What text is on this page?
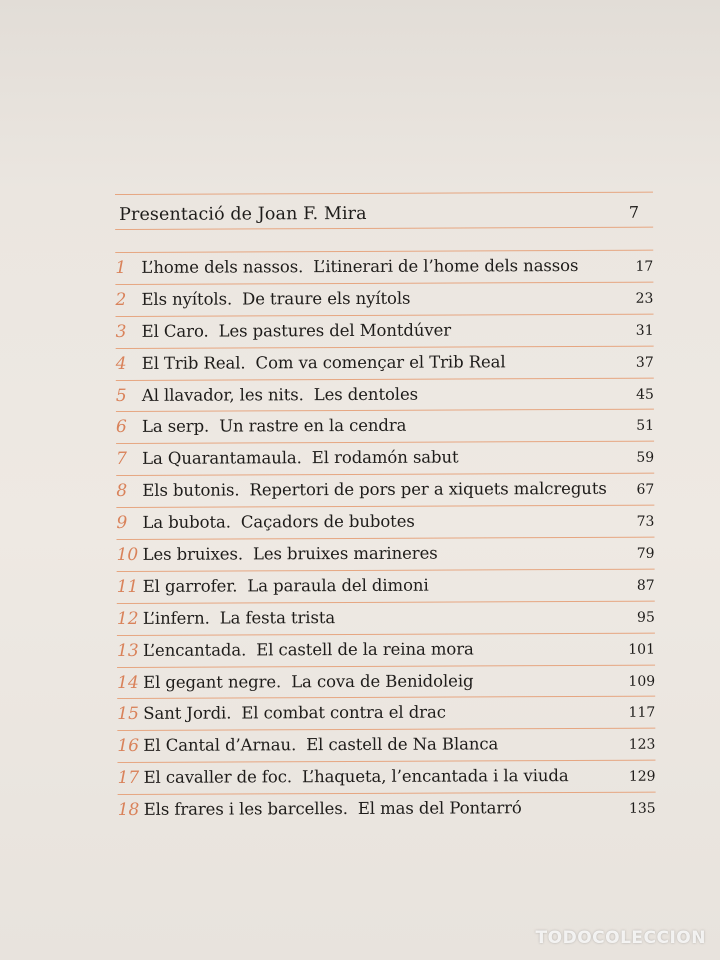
Presentació de Joan F. Mira	7
1 L’home dels nassos. L’itinerari de l’home dels nassos	17
2 Els nyítols. De traure els nyítols	23
3 El Caro. Les pastures del Montdúver	31
4 El Trib Real. Com va començar el Trib Real	37
5 Al llavador, les nits. Les dentoles	45
6 La serp. Un rastre en la cendra	51
7 La Quarantamaula. El rodamón sabut	59
8 Els butonis. Repertori de pors per a xiquets malcreguts 67
9 La bubota. Caçadors de bubotes	73
10 Les bruixes. Les bruixes marineres	79
11 El garrofer. La paraula del dimoni	87
12 L’infern. La festa trista	95
13 L’encantada. El castell de la reina mora	101
14 El gegant negre. La cova de Benidoleig	109
15 Sant Jordi. El combat contra el drac	117
16 El Cantal d’Arnau. El castell de Na Blanca	123
17 El cavaller de foc. L’haqueta, l’encantada i la viuda	129
18 Els frares i les barcelles. El mas del Pontarró	135
TODOCOLECCION
